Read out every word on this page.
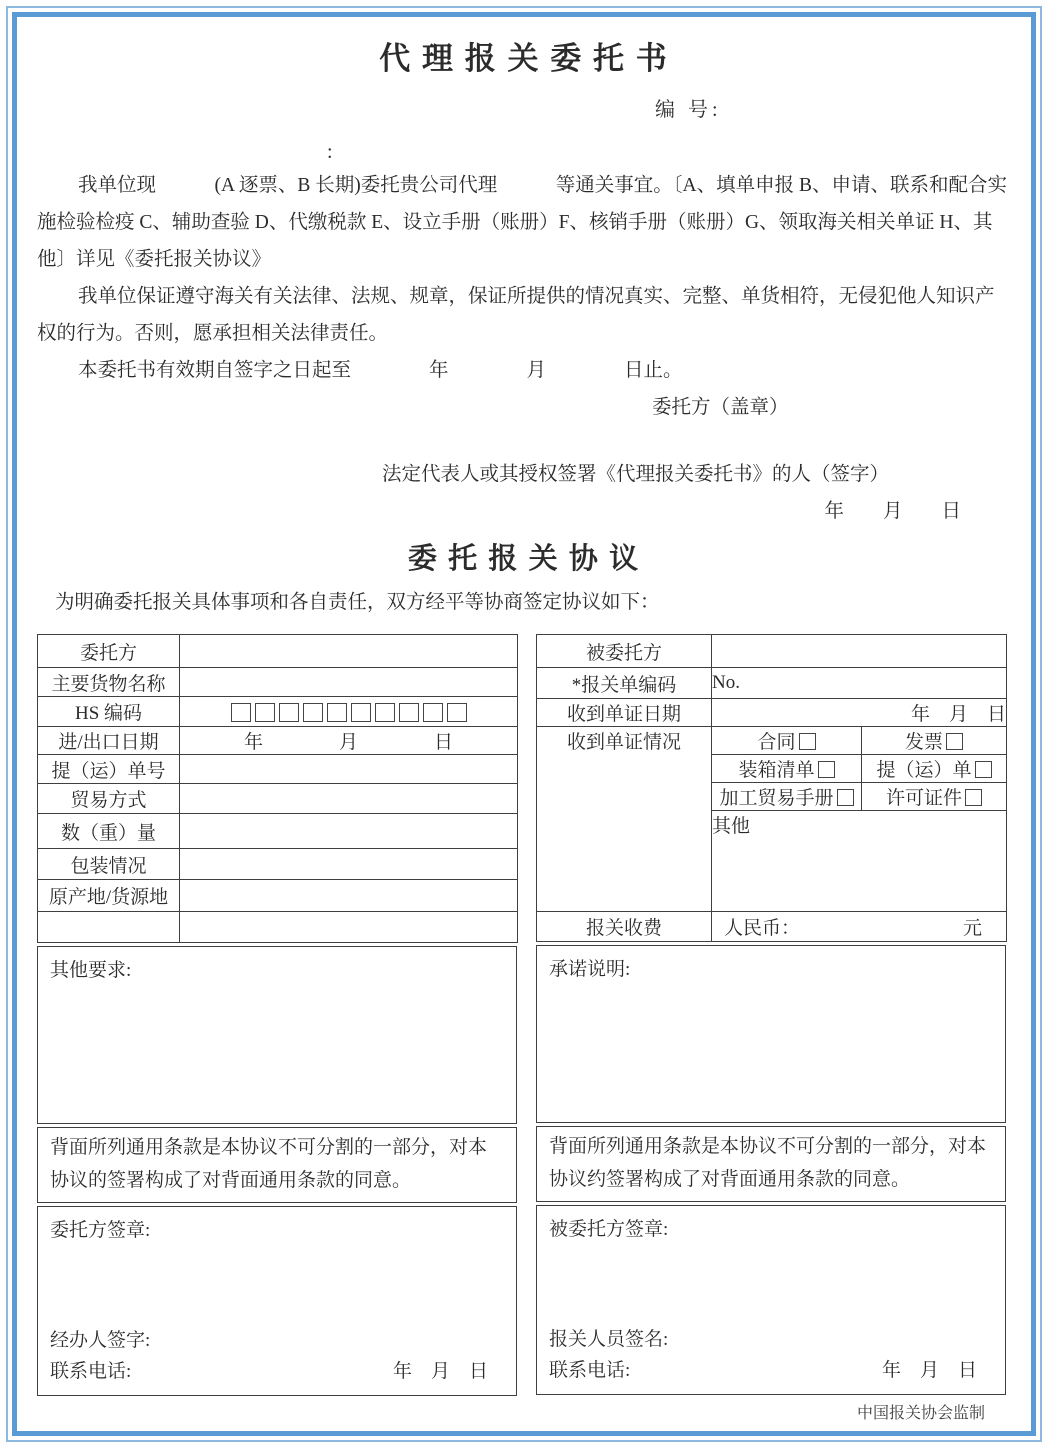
代 理 报 关 委 托 书
编 号:
:

我单位现　　　(A 逐票、B 长期)委托贵公司代理　　　等通关事宜。〔A、填单申报 B、申请、联系和配合实施检验检疫 C、辅助查验 D、代缴税款 E、设立手册（账册）F、核销手册（账册）G、领取海关相关单证 H、其他〕详见《委托报关协议》

我单位保证遵守海关有关法律、法规、规章，保证所提供的情况真实、完整、单货相符，无侵犯他人知识产权的行为。否则，愿承担相关法律责任。

本委托书有效期自签字之日起至　　　　年　　　　月　　　　日止。

委托方（盖章）

法定代表人或其授权签署《代理报关委托书》的人（签字）

年　　月　　日

委 托 报 关 协 议

为明确委托报关具体事项和各自责任，双方经平等协商签定协议如下：

委托方	
主要货物名称	
HS 编码	
进/出口日期	年　　　　月　　　　日
提（运）单号	
贸易方式	
数（重）量	
包装情况	
原产地/货源地	

其他要求:
背面所列通用条款是本协议不可分割的一部分，对本协议的签署构成了对背面通用条款的同意。
委托方签章:
经办人签字:
联系电话:	年　月　日
被委托方		
*报关单编码	No.	
收到单证日期	年　月　日	
收到单证情况	合同	发票
	装箱清单	提（运）单
	加工贸易手册	许可证件
	其他	
报关收费	人民币： 元	
承诺说明:
背面所列通用条款是本协议不可分割的一部分，对本协议约签署构成了对背面通用条款的同意。
被委托方签章:
报关人员签名:
联系电话:	年　月　日
中国报关协会监制
